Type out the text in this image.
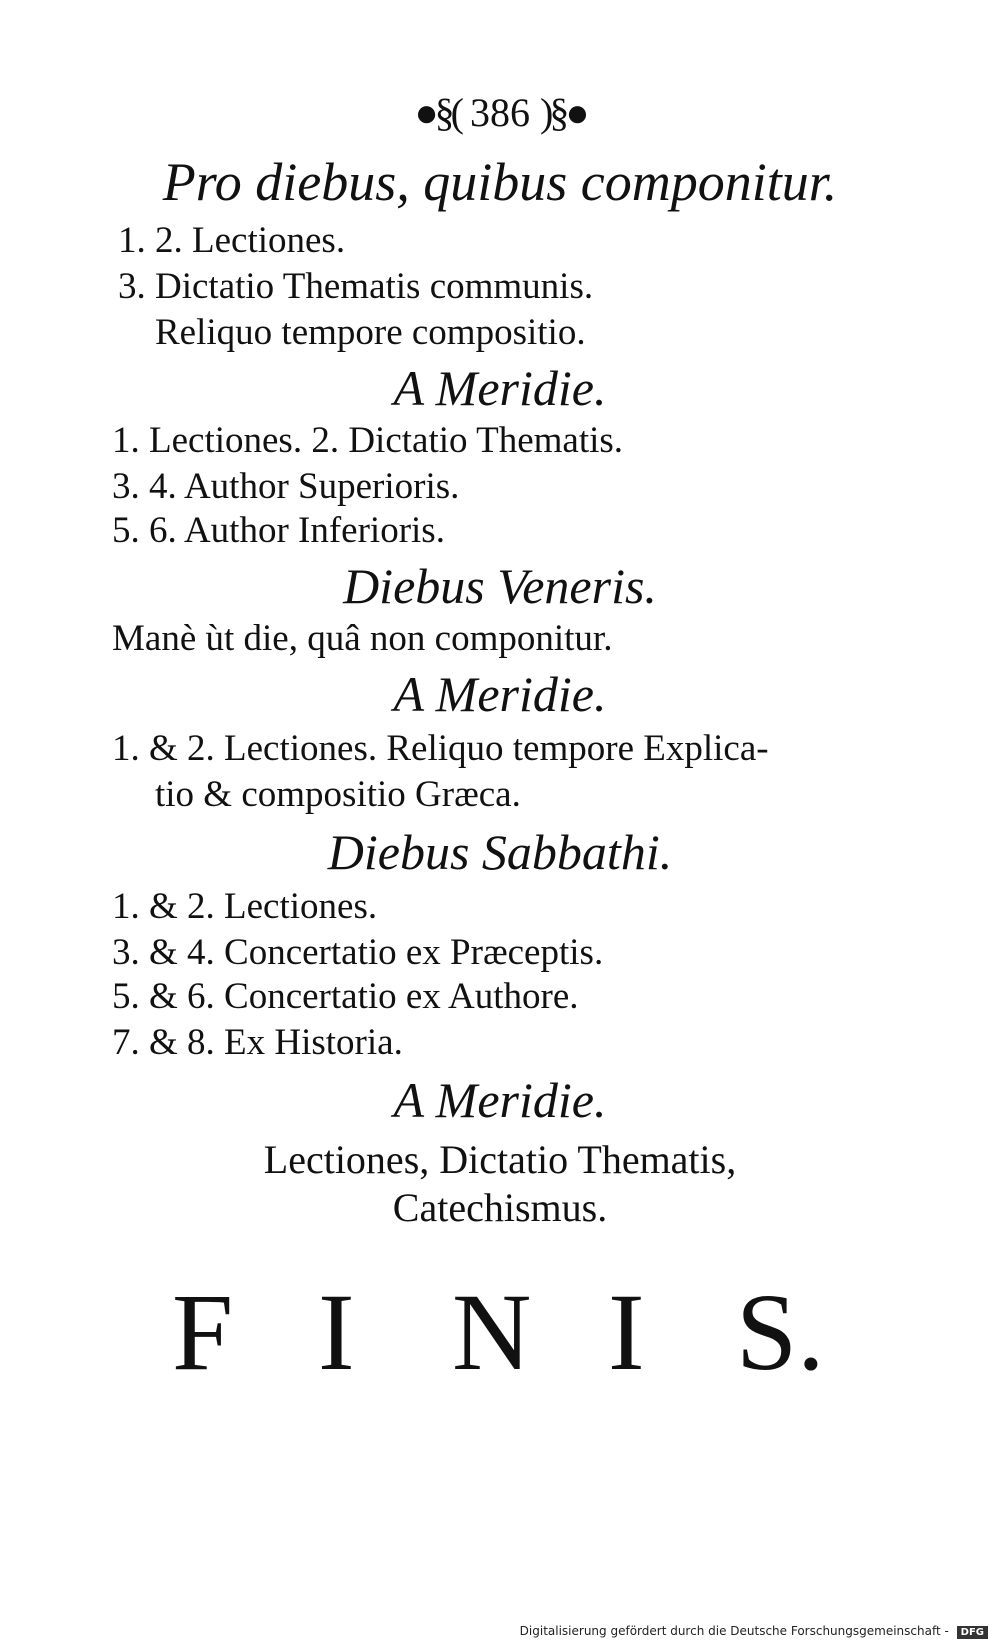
●§( 386 )§●
Pro diebus, quibus componitur.
1. 2. Lectiones.
3. Dictatio Thematis communis.
Reliquo tempore compositio.
A Meridie.
1. Lectiones. 2. Dictatio Thematis.
3. 4. Author Superioris.
5. 6. Author Inferioris.
Diebus Veneris.
Manè ùt die, quâ non componitur.
A Meridie.
1. & 2. Lectiones. Reliquo tempore Explica-
tio & compositio Græca.
Diebus Sabbathi.
1. & 2. Lectiones.
3. & 4. Concertatio ex Præceptis.
5. & 6. Concertatio ex Authore.
7. & 8. Ex Historia.
A Meridie.
Lectiones, Dictatio Thematis,
Catechismus.
F I N I S.
Digitalisierung gefördert durch die Deutsche Forschungsgemeinschaft - DFG
